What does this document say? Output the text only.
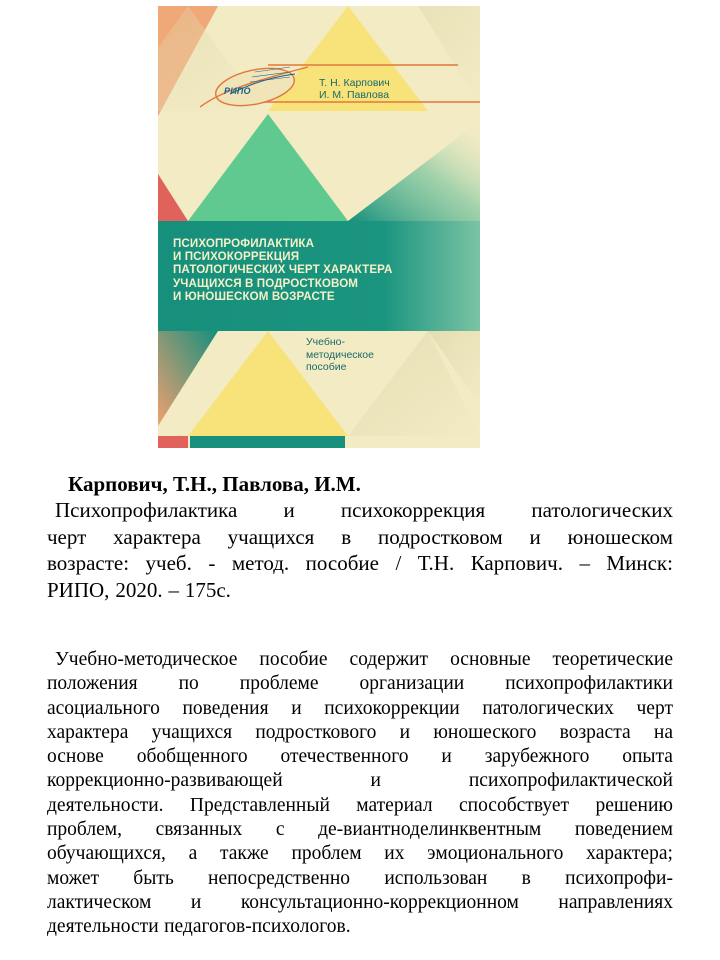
РИПО
Т. Н. Карпович
И. М. Павлова
ПСИХОПРОФИЛАКТИКА
И ПСИХОКОРРЕКЦИЯ
ПАТОЛОГИЧЕСКИХ ЧЕРТ ХАРАКТЕРА
УЧАЩИХСЯ В ПОДРОСТКОВОМ
И ЮНОШЕСКОМ ВОЗРАСТЕ
Учебно-
методическое
пособие
Карпович, Т.Н., Павлова, И.М.
Психопрофилактика и психокоррекция патологических
черт характера учащихся в подростковом и юношеском
возрасте: учеб. - метод. пособие / Т.Н. Карпович. – Минск:
РИПО, 2020. – 175с.
Учебно-методическое пособие содержит основные теоретические
положения по проблеме организации психопрофилактики
асоциального поведения и психокоррекции патологических черт
характера учащихся подросткового и юношеского возраста на
основе обобщенного отечественного и зарубежного опыта
коррекционно-развивающей	и	психопрофилактической
деятельности. Представленный материал способствует решению
проблем, связанных с де-виантноделинквентным поведением
обучающихся, а также проблем их эмоционального характера;
может быть непосредственно использован в психопрофи-
лактическом и консультационно-коррекционном направлениях
деятельности педагогов-психологов.
